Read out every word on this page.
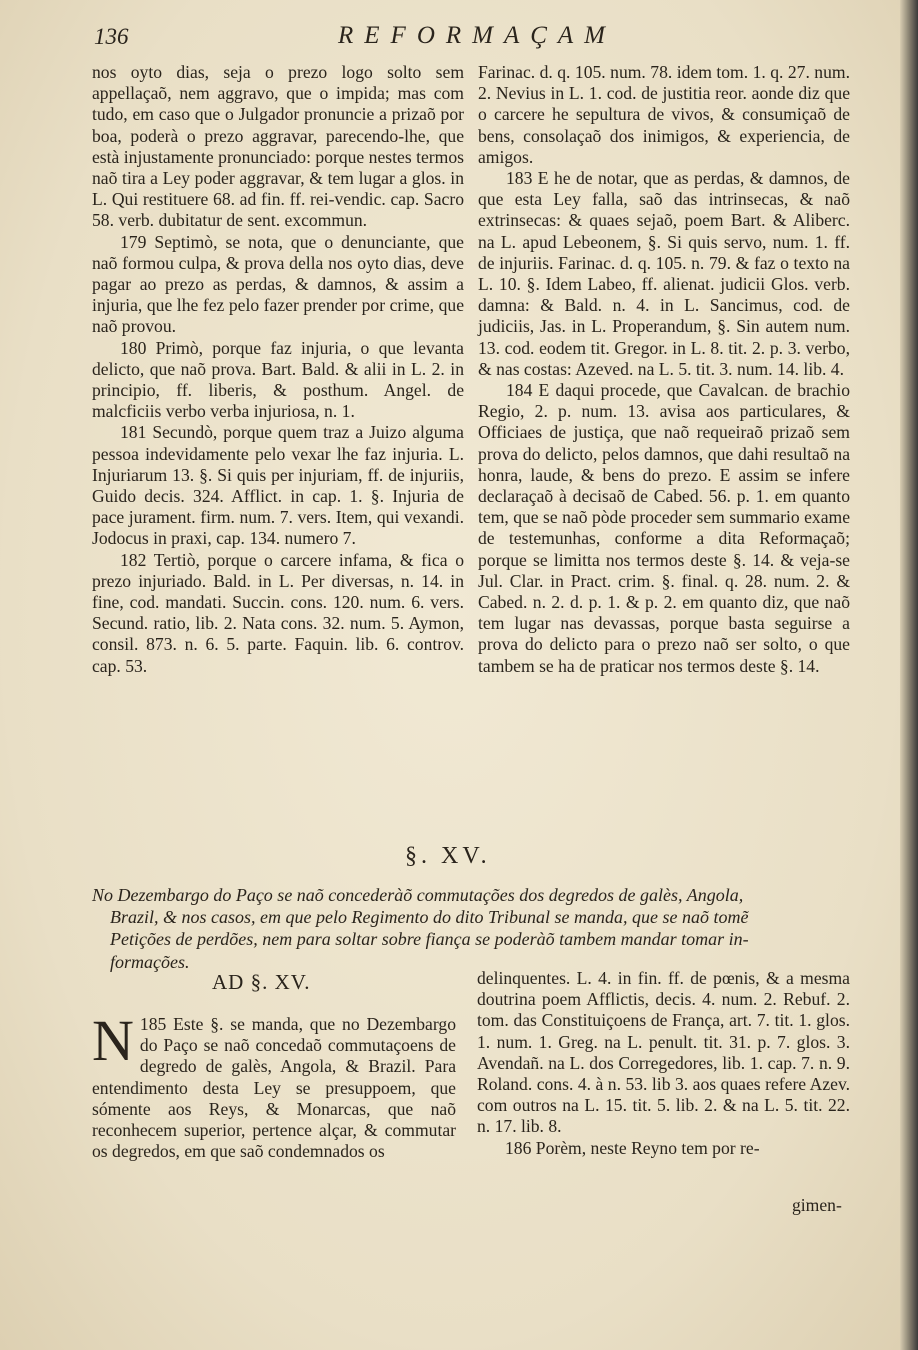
136	REFORMAÇAM

nos oyto dias, seja o prezo logo solto sem appellaçaõ, nem aggravo, que o impida; mas com tudo, em caso que o Julgador pronuncie a prizaõ por boa, poderà o prezo aggravar, parecendo-lhe, que està injustamente pronunciado: porque nestes termos naõ tira a Ley poder aggravar, & tem lugar a glos. in L. Qui restituere 68. ad fin. ff. rei-vendic. cap. Sacro 58. verb. dubitatur de sent. excommun.

179 Septimò, se nota, que o denunciante, que naõ formou culpa, & prova della nos oyto dias, deve pagar ao prezo as perdas, & damnos, & assim a injuria, que lhe fez pelo fazer prender por crime, que naõ provou.

180 Primò, porque faz injuria, o que levanta delicto, que naõ prova. Bart. Bald. & alii in L. 2. in principio, ff. liberis, & posthum. Angel. de malcficiis verbo verba injuriosa, n. 1.

181 Secundò, porque quem traz a Juizo alguma pessoa indevidamente pelo vexar lhe faz injuria. L. Injuriarum 13. §. Si quis per injuriam, ff. de injuriis, Guido decis. 324. Afflict. in cap. 1. §. Injuria de pace jurament. firm. num. 7. vers. Item, qui vexandi. Jodocus in praxi, cap. 134. numero 7.

182 Tertiò, porque o carcere infama, & fica o prezo injuriado. Bald. in L. Per diversas, n. 14. in fine, cod. mandati. Succin. cons. 120. num. 6. vers. Secund. ratio, lib. 2. Nata cons. 32. num. 5. Aymon, consil. 873. n. 6. 5. parte. Faquin. lib. 6. controv. cap. 53.

Farinac. d. q. 105. num. 78. idem tom. 1. q. 27. num. 2. Nevius in L. 1. cod. de justitia reor. aonde diz que o carcere he sepultura de vivos, & consumiçaõ de bens, consolaçaõ dos inimigos, & experiencia, de amigos.

183 E he de notar, que as perdas, & damnos, de que esta Ley falla, saõ das intrinsecas, & naõ extrinsecas: & quaes sejaõ, poem Bart. & Aliberc. na L. apud Lebeonem, §. Si quis servo, num. 1. ff. de injuriis. Farinac. d. q. 105. n. 79. & faz o texto na L. 10. §. Idem Labeo, ff. alienat. judicii Glos. verb. damna: & Bald. n. 4. in L. Sancimus, cod. de judiciis, Jas. in L. Properandum, §. Sin autem num. 13. cod. eodem tit. Gregor. in L. 8. tit. 2. p. 3. verbo, & nas costas: Azeved. na L. 5. tit. 3. num. 14. lib. 4.

184 E daqui procede, que Cavalcan. de brachio Regio, 2. p. num. 13. avisa aos particulares, & Officiaes de justiça, que naõ requeiraõ prizaõ sem prova do delicto, pelos damnos, que dahi resultaõ na honra, laude, & bens do prezo. E assim se infere declaraçaõ à decisaõ de Cabed. 56. p. 1. em quanto tem, que se naõ pòde proceder sem summario exame de testemunhas, conforme a dita Reformaçaõ; porque se limitta nos termos deste §. 14. & veja-se Jul. Clar. in Pract. crim. §. final. q. 28. num. 2. & Cabed. n. 2. d. p. 1. & p. 2. em quanto diz, que naõ tem lugar nas devassas, porque basta seguirse a prova do delicto para o prezo naõ ser solto, o que tambem se ha de praticar nos termos deste §. 14.

§. XV.
No Dezembargo do Paço se naõ concederàõ commutações dos degredos de galès, Angola,
Brazil, & nos casos, em que pelo Regimento do dito Tribunal se manda, que se naõ tomẽ
Petições de perdões, nem para soltar sobre fiança se poderàõ tambem mandar tomar in-
formações.
AD §. XV.

185
N Este §. se manda, que no Dezembargo do Paço se naõ concedaõ commutaçoens de degredo de galès, Angola, & Brazil. Para entendimento desta Ley se presuppoem, que sómente aos Reys, & Monarcas, que naõ reconhecem superior, pertence alçar, & commutar os degredos, em que saõ condemnados os

delinquentes. L. 4. in fin. ff. de pœnis, & a mesma doutrina poem Afflictis, decis. 4. num. 2. Rebuf. 2. tom. das Constituiçoens de França, art. 7. tit. 1. glos. 1. num. 1. Greg. na L. penult. tit. 31. p. 7. glos. 3. Avendañ. na L. dos Corregedores, lib. 1. cap. 7. n. 9. Roland. cons. 4. à n. 53. lib 3. aos quaes refere Azev. com outros na L. 15. tit. 5. lib. 2. & na L. 5. tit. 22. n. 17. lib. 8.

186 Porèm, neste Reyno tem por re-

gimen-
